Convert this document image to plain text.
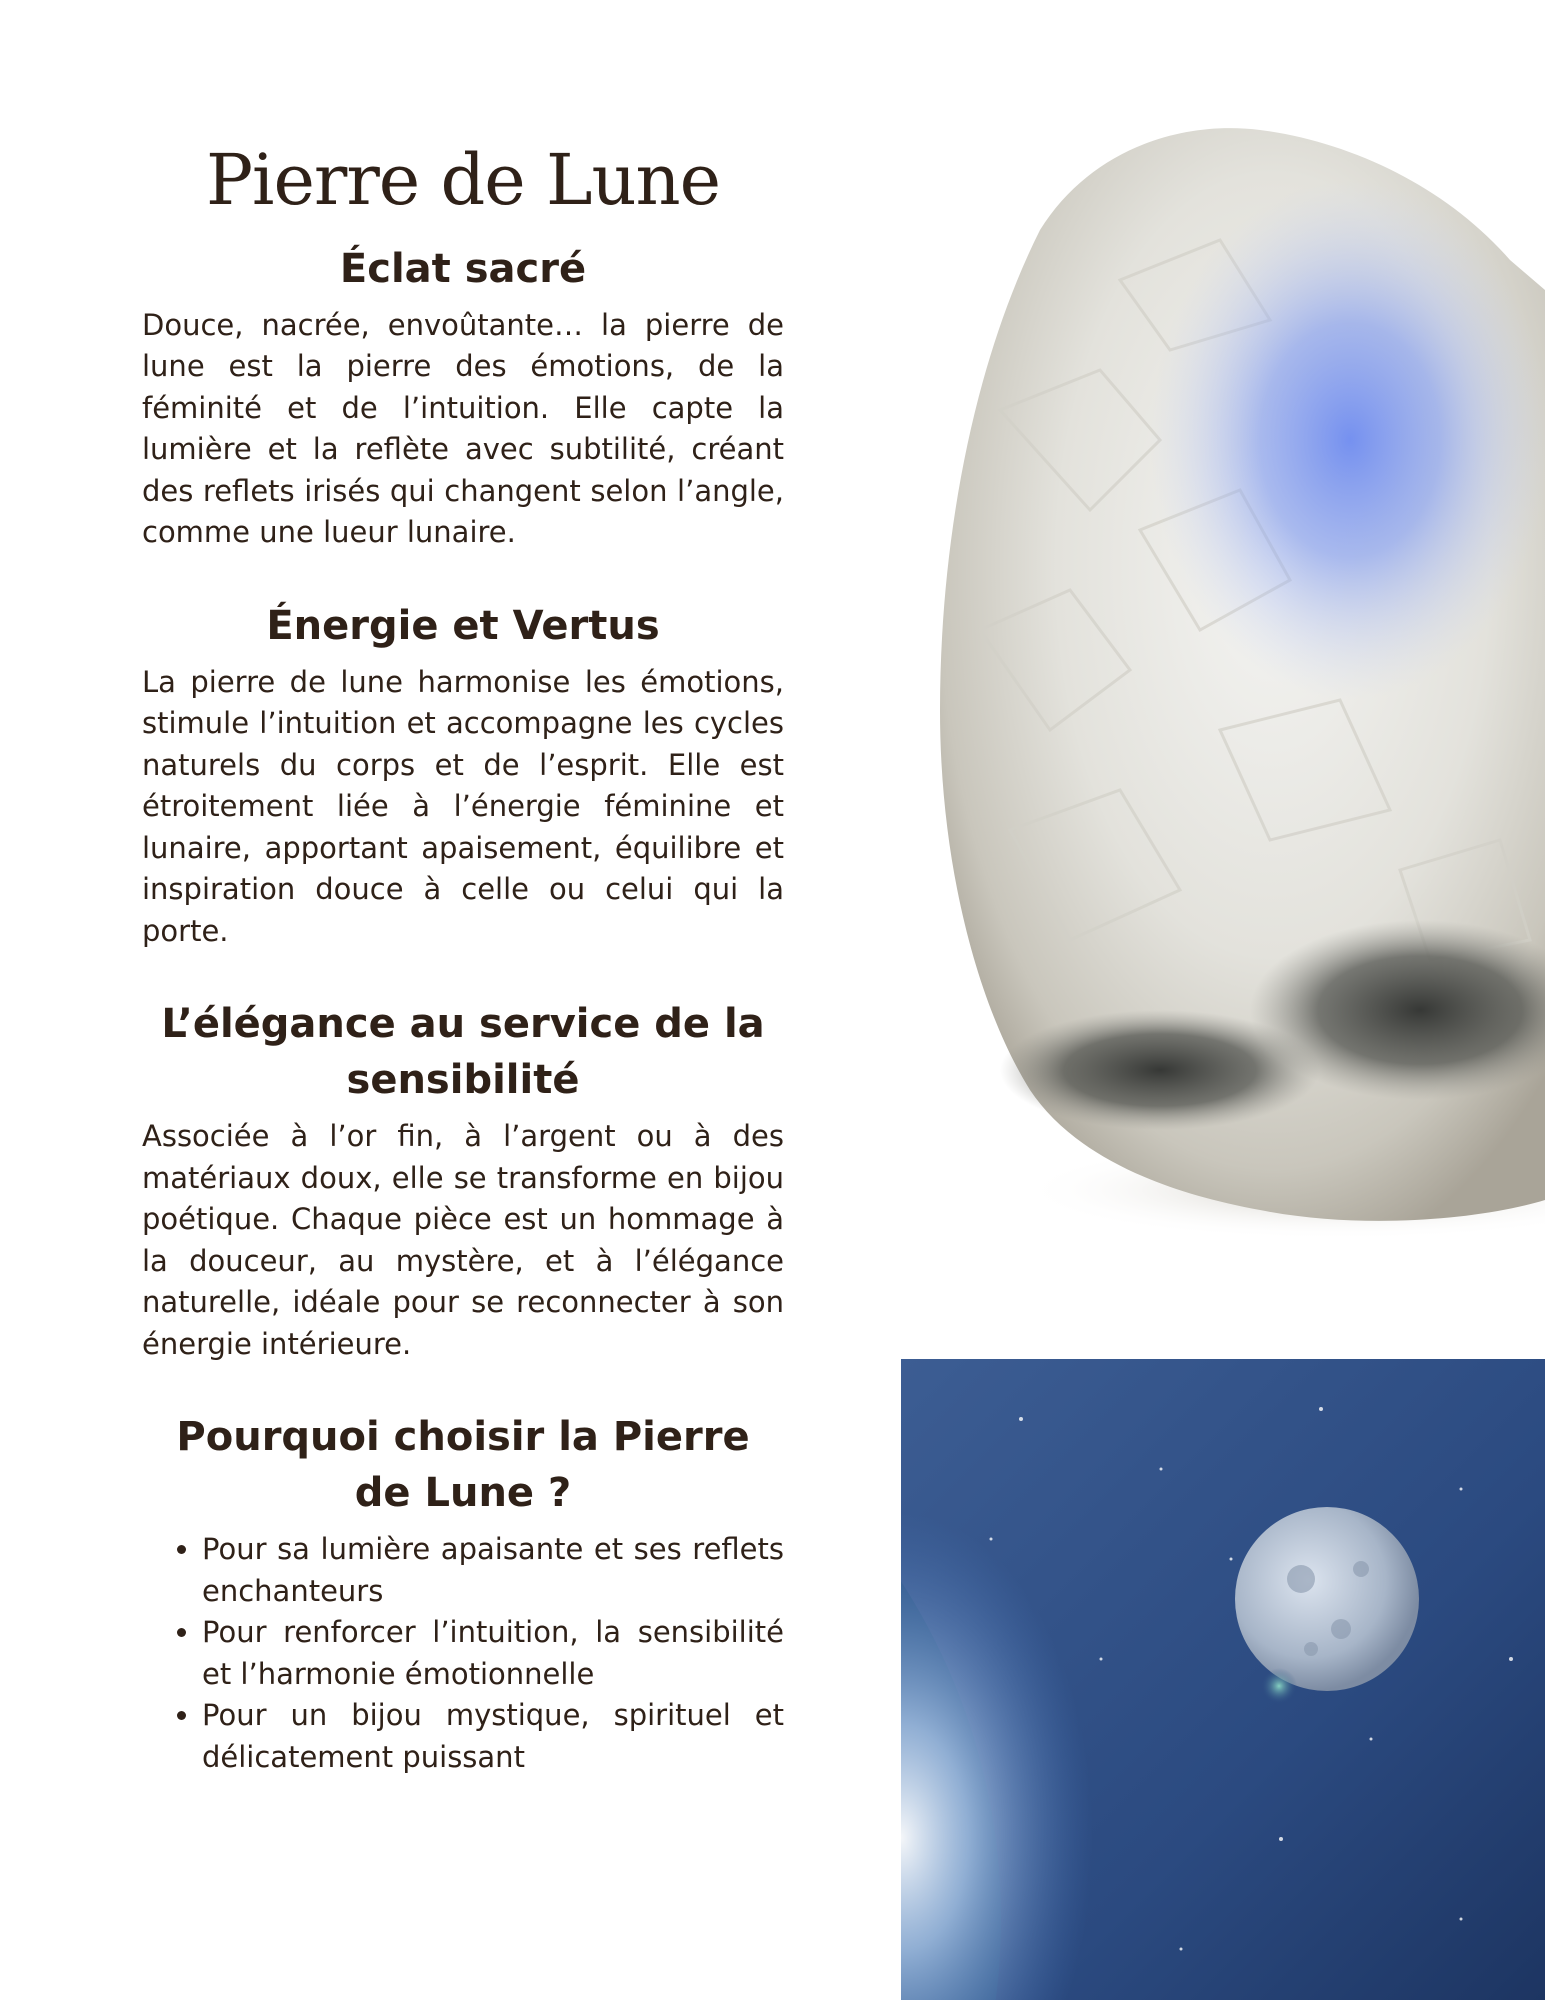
Pierre de Lune
Éclat sacré

Douce, nacrée, envoûtante… la pierre de lune est la pierre des émotions, de la féminité et de l’intuition. Elle capte la lumière et la reflète avec subtilité, créant des reflets irisés qui changent selon l’angle, comme une lueur lunaire.

Énergie et Vertus

La pierre de lune harmonise les émotions, stimule l’intuition et accompagne les cycles naturels du corps et de l’esprit. Elle est étroitement liée à l’énergie féminine et lunaire, apportant apaisement, équilibre et inspiration douce à celle ou celui qui la porte.

L’élégance au service de la sensibilité

Associée à l’or fin, à l’argent ou à des matériaux doux, elle se transforme en bijou poétique. Chaque pièce est un hommage à la douceur, au mystère, et à l’élégance naturelle, idéale pour se reconnecter à son énergie intérieure.

Pourquoi choisir la Pierre de Lune ?
• Pour sa lumière apaisante et ses reflets enchanteurs
• Pour renforcer l’intuition, la sensibilité et l’harmonie émotionnelle
• Pour un bijou mystique, spirituel et délicatement puissant
